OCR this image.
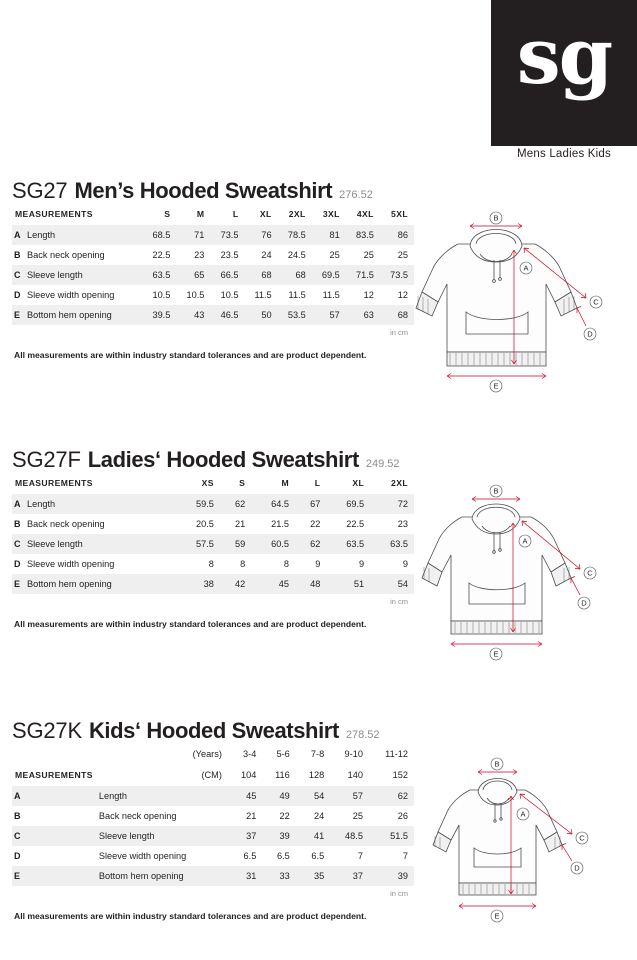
sg
Mens Ladies Kids
SG27 Men’s Hooded Sweatshirt 276.52
MEASUREMENTS		S	M	L	XL	2XL	3XL	4XL	5XL
A	Length	68.5	71	73.5	76	78.5	81	83.5	86
B	Back neck opening	22.5	23	23.5	24	24.5	25	25	25
C	Sleeve length	63.5	65	66.5	68	68	69.5	71.5	73.5
D	Sleeve width opening	10.5	10.5	10.5	11.5	11.5	11.5	12	12
E	Bottom hem opening	39.5	43	46.5	50	53.5	57	63	68
in cm
All measurements are within industry standard tolerances and are product dependent.
B
A
C
D
E
SG27F Ladies‘ Hooded Sweatshirt 249.52
MEASUREMENTS		XS	S	M	L	XL	2XL
A	Length	59.5	62	64.5	67	69.5	72
B	Back neck opening	20.5	21	21.5	22	22.5	23
C	Sleeve length	57.5	59	60.5	62	63.5	63.5
D	Sleeve width opening	8	8	8	9	9	9
E	Bottom hem opening	38	42	45	48	51	54
in cm
All measurements are within industry standard tolerances and are product dependent.
B
A
C
D
E
SG27K Kids‘ Hooded Sweatshirt 278.52
(Years)		3-4	5-6	7-8	9-10	11-12
MEASUREMENTS	(CM)	104	116	128	140	152
A	Length	45	49	54	57	62
B	Back neck opening	21	22	24	25	26
C	Sleeve length	37	39	41	48.5	51.5
D	Sleeve width opening	6.5	6.5	6.5	7	7
E	Bottom hem opening	31	33	35	37	39
in cm
All measurements are within industry standard tolerances and are product dependent.
B
A
C
D
E
